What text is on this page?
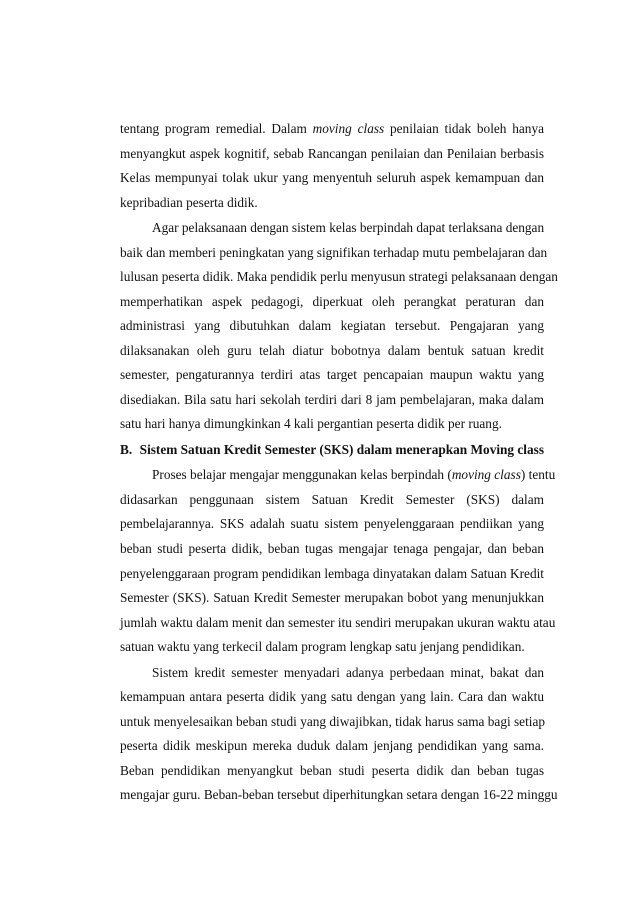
tentang program remedial. Dalam moving class penilaian tidak boleh hanya
menyangkut aspek kognitif, sebab Rancangan penilaian dan Penilaian berbasis
Kelas mempunyai tolak ukur yang menyentuh seluruh aspek kemampuan dan
kepribadian peserta didik.
Agar pelaksanaan dengan sistem kelas berpindah dapat terlaksana dengan
baik dan memberi peningkatan yang signifikan terhadap mutu pembelajaran dan
lulusan peserta didik. Maka pendidik perlu menyusun strategi pelaksanaan dengan
memperhatikan aspek pedagogi, diperkuat oleh perangkat peraturan dan
administrasi yang dibutuhkan dalam kegiatan tersebut. Pengajaran yang
dilaksanakan oleh guru telah diatur bobotnya dalam bentuk satuan kredit
semester, pengaturannya terdiri atas target pencapaian maupun waktu yang
disediakan. Bila satu hari sekolah terdiri dari 8 jam pembelajaran, maka dalam
satu hari hanya dimungkinkan 4 kali pergantian peserta didik per ruang.
B. Sistem Satuan Kredit Semester (SKS) dalam menerapkan Moving class
Proses belajar mengajar menggunakan kelas berpindah (moving class) tentu
didasarkan penggunaan sistem Satuan Kredit Semester (SKS) dalam
pembelajarannya. SKS adalah suatu sistem penyelenggaraan pendiikan yang
beban studi peserta didik, beban tugas mengajar tenaga pengajar, dan beban
penyelenggaraan program pendidikan lembaga dinyatakan dalam Satuan Kredit
Semester (SKS). Satuan Kredit Semester merupakan bobot yang menunjukkan
jumlah waktu dalam menit dan semester itu sendiri merupakan ukuran waktu atau
satuan waktu yang terkecil dalam program lengkap satu jenjang pendidikan.
Sistem kredit semester menyadari adanya perbedaan minat, bakat dan
kemampuan antara peserta didik yang satu dengan yang lain. Cara dan waktu
untuk menyelesaikan beban studi yang diwajibkan, tidak harus sama bagi setiap
peserta didik meskipun mereka duduk dalam jenjang pendidikan yang sama.
Beban pendidikan menyangkut beban studi peserta didik dan beban tugas
mengajar guru. Beban-beban tersebut diperhitungkan setara dengan 16-22 minggu
